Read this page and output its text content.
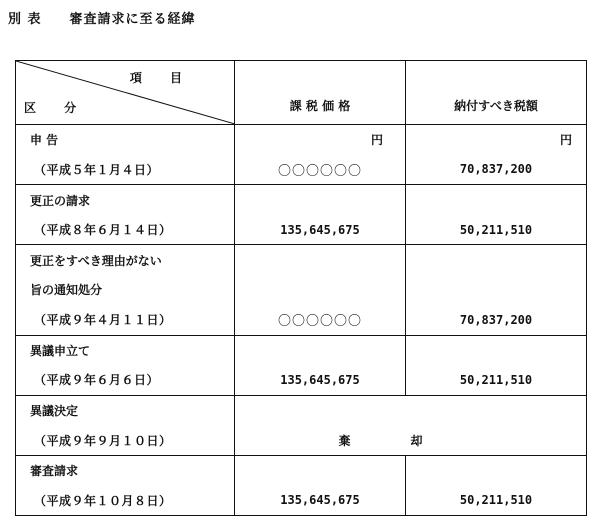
別 表 審査請求に至る経緯
項 目
区 分	課 税 価 格	納付すべき税額
申 告	円	円
（平成５年１月４日）	〇〇〇〇〇〇	70,837,200
更正の請求		
（平成８年６月１４日）	135,645,675	50,211,510
更正をすべき理由がない		
旨の通知処分		
（平成９年４月１１日）	〇〇〇〇〇〇	70,837,200
異議申立て		
（平成９年６月６日）	135,645,675	50,211,510
異議決定		
（平成９年９月１０日）	棄却	

審査請求		
（平成９年１０月８日）	135,645,675	50,211,510
